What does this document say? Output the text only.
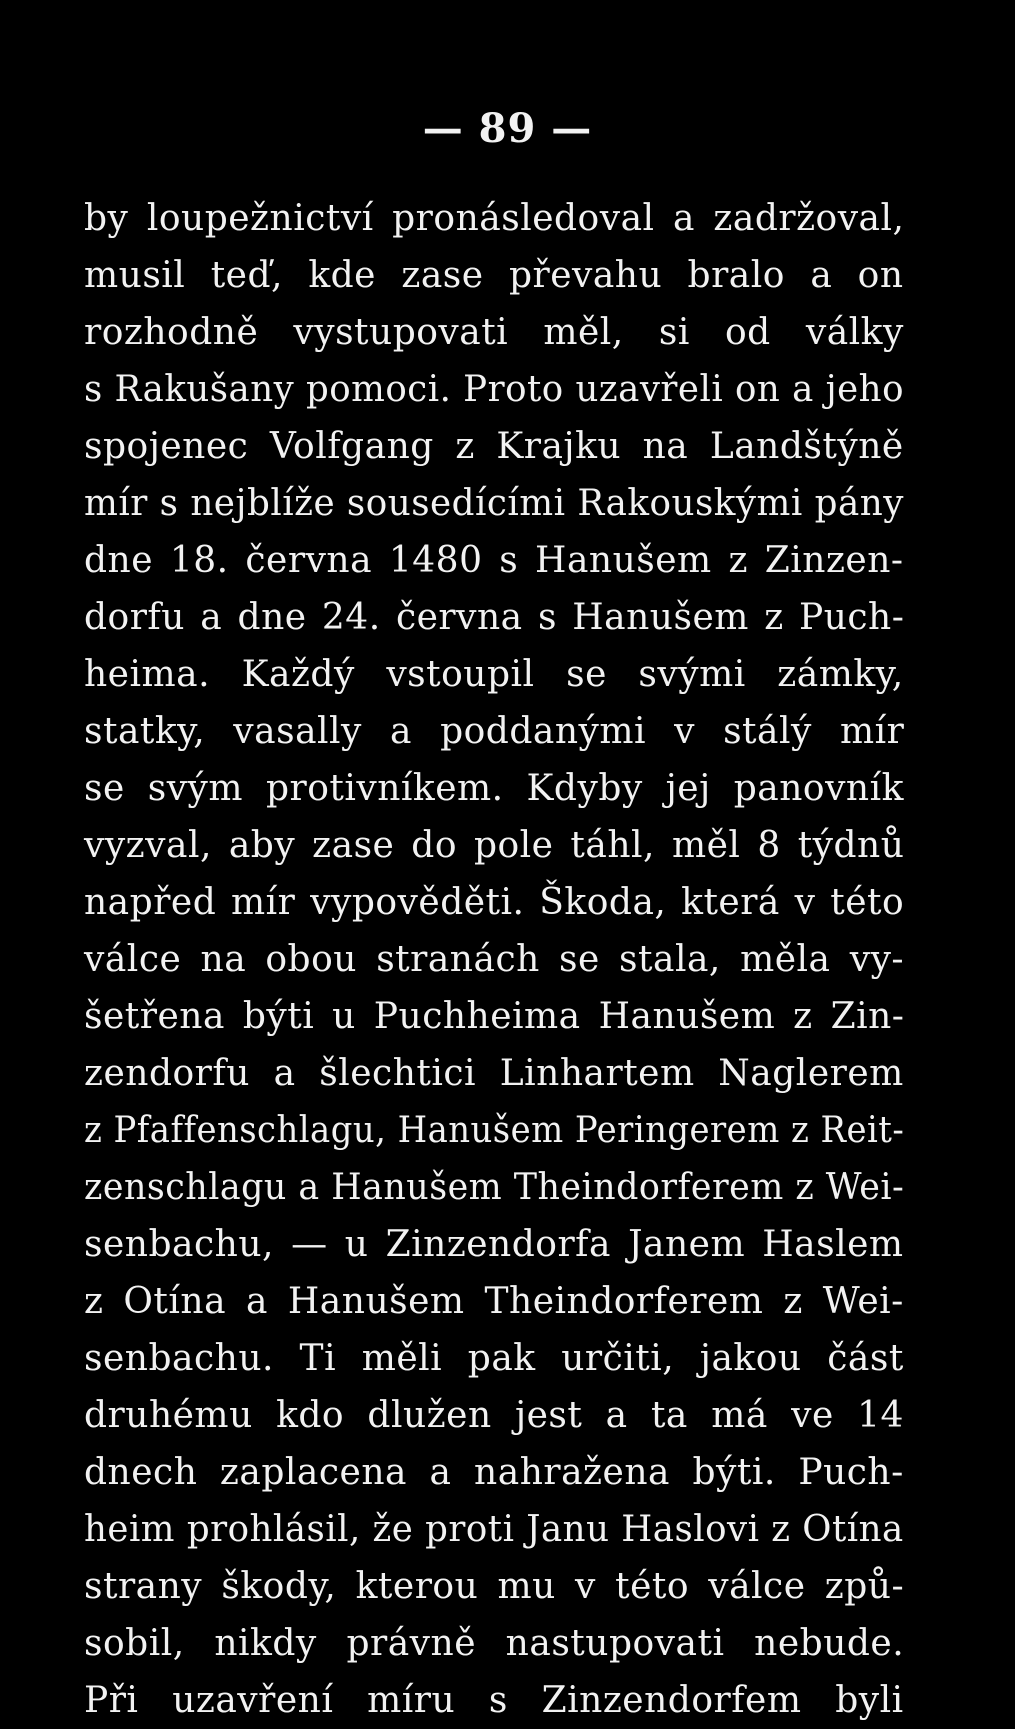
— 89 —
by loupežnictví pronásledoval a zadržoval,
musil teď, kde zase převahu bralo a on
rozhodně vystupovati měl, si od války
s Rakušany pomoci. Proto uzavřeli on a jeho
spojenec Volfgang z Krajku na Landštýně
mír s nejblíže sousedícími Rakouskými pány
dne 18. června 1480 s Hanušem z Zinzen-
dorfu a dne 24. června s Hanušem z Puch-
heima. Každý vstoupil se svými zámky,
statky, vasally a poddanými v stálý mír
se svým protivníkem. Kdyby jej panovník
vyzval, aby zase do pole táhl, měl 8 týdnů
napřed mír vypověděti. Škoda, která v této
válce na obou stranách se stala, měla vy-
šetřena býti u Puchheima Hanušem z Zin-
zendorfu a šlechtici Linhartem Naglerem
z Pfaffenschlagu, Hanušem Peringerem z Reit-
zenschlagu a Hanušem Theindorferem z Wei-
senbachu, — u Zinzendorfa Janem Haslem
z Otína a Hanušem Theindorferem z Wei-
senbachu. Ti měli pak určiti, jakou část
druhému kdo dlužen jest a ta má ve 14
dnech zaplacena a nahražena býti. Puch-
heim prohlásil, že proti Janu Haslovi z Otína
strany škody, kterou mu v této válce způ-
sobil, nikdy právně nastupovati nebude.
Při uzavření míru s Zinzendorfem byli
